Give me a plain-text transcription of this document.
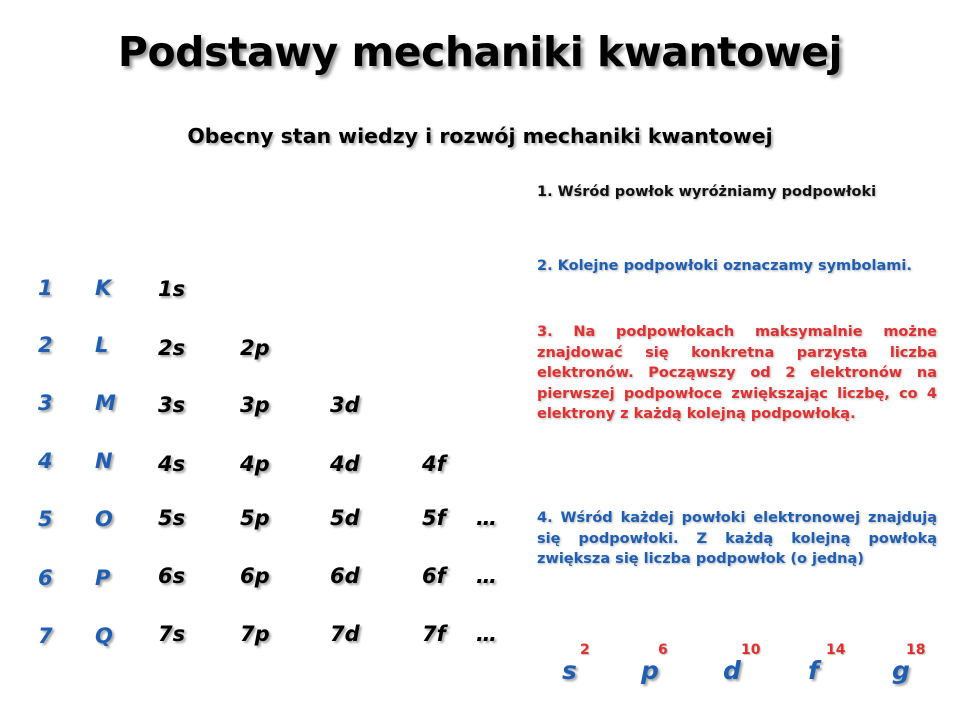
Podstawy mechaniki kwantowej
Obecny stan wiedzy i rozwój mechaniki kwantowej
1	K	1s
2	L	2s	2p
3	M	3s	3p	3d
4	N	4s	4p	4d	4f
5	O	5s	5p	5d	5f …
6	P	6s	6p	6d	6f …
7	Q	7s	7p	7d	7f …
1. Wśród powłok wyróżniamy podpowłoki
2. Kolejne podpowłoki oznaczamy symbolami.
3. Na podpowłokach maksymalnie możne znajdować się konkretna parzysta liczba elektronów. Począwszy od 2 elektronów na pierwszej podpowłoce zwiększając liczbę, co 4 elektrony z każdą kolejną podpowłoką.
4. Wśród każdej powłoki elektronowej znajdują się podpowłoki. Z każdą kolejną powłoką zwiększa się liczba podpowłok (o jedną)
s
2
p
6
d
10
f
14
g
18
